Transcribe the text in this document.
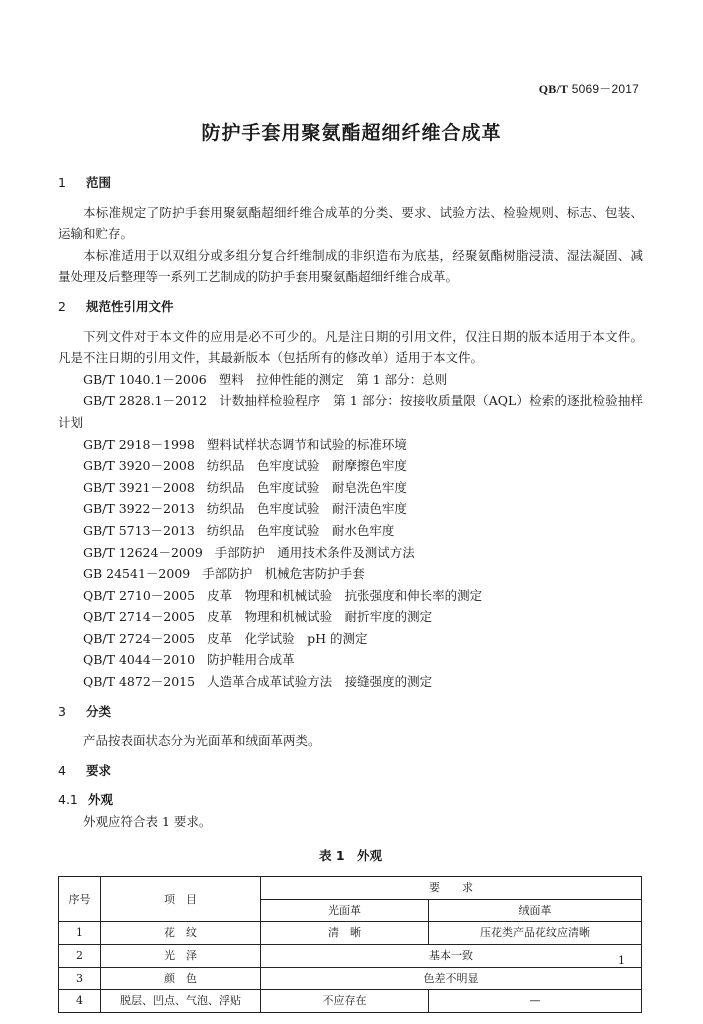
QB/T 5069－2017
防护手套用聚氨酯超细纤维合成革

1 范围

本标准规定了防护手套用聚氨酯超细纤维合成革的分类、要求、试验方法、检验规则、标志、包装、运输和贮存。

本标准适用于以双组分或多组分复合纤维制成的非织造布为底基，经聚氨酯树脂浸渍、湿法凝固、减量处理及后整理等一系列工艺制成的防护手套用聚氨酯超细纤维合成革。

2 规范性引用文件

下列文件对于本文件的应用是必不可少的。凡是注日期的引用文件，仅注日期的版本适用于本文件。凡是不注日期的引用文件，其最新版本（包括所有的修改单）适用于本文件。

GB/T 1040.1－2006 塑料　拉伸性能的测定　第 1 部分：总则

GB/T 2828.1－2012 计数抽样检验程序　第 1 部分：按接收质量限（AQL）检索的逐批检验抽样计划

GB/T 2918－1998 塑料试样状态调节和试验的标准环境

GB/T 3920－2008 纺织品　色牢度试验　耐摩擦色牢度

GB/T 3921－2008 纺织品　色牢度试验　耐皂洗色牢度

GB/T 3922－2013 纺织品　色牢度试验　耐汗渍色牢度

GB/T 5713－2013 纺织品　色牢度试验　耐水色牢度

GB/T 12624－2009 手部防护　通用技术条件及测试方法

GB 24541－2009 手部防护　机械危害防护手套

QB/T 2710－2005 皮革　物理和机械试验　抗张强度和伸长率的测定

QB/T 2714－2005 皮革　物理和机械试验　耐折牢度的测定

QB/T 2724－2005 皮革　化学试验　pH 的测定

QB/T 4044－2010 防护鞋用合成革

QB/T 4872－2015 人造革合成革试验方法　接缝强度的测定

3 分类

产品按表面状态分为光面革和绒面革两类。

4 要求

4.1 外观

外观应符合表 1 要求。

表 1　外观

序号	项　目	要　　求	
		光面革	绒面革
1	花　纹	清　晰	压花类产品花纹应清晰
2	光　泽	基本一致	
3	颜　色	色差不明显	
4	脱层、凹点、气泡、浮贴	不应存在	—
1
